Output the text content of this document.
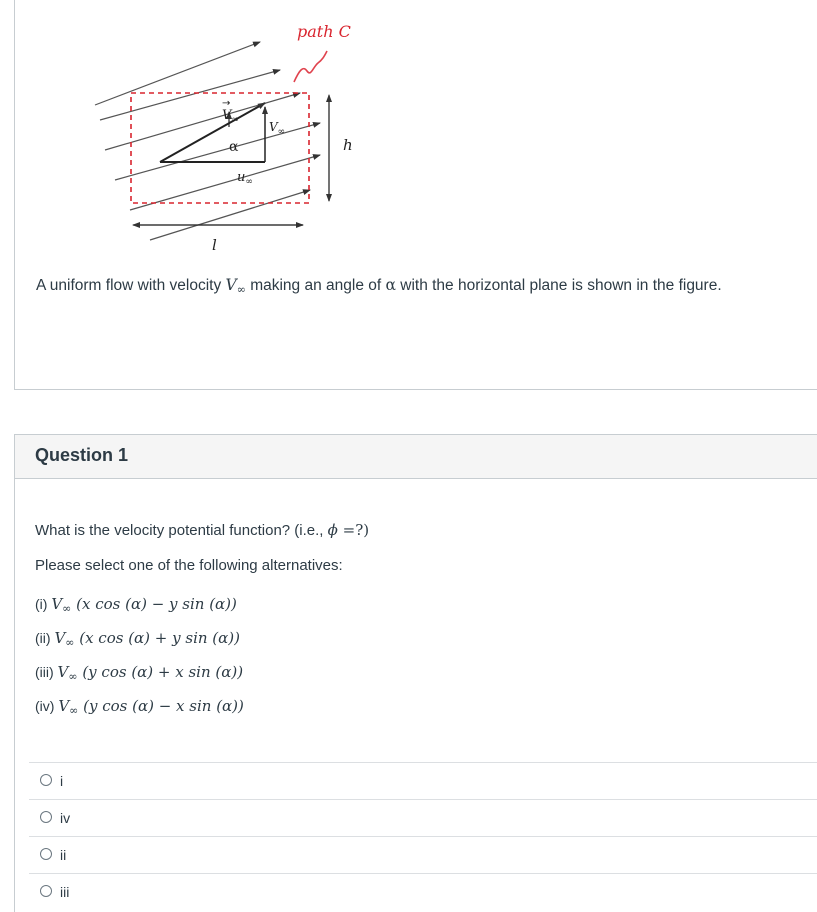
path C
h
l
α
$V_\infty$
→
$V_\infty$
$u_\infty$
A uniform flow with velocity $V_\infty$ making an angle of α with the horizontal plane is shown in the figure.
Question 1
What is the velocity potential function? (i.e., ϕ =?)
Please select one of the following alternatives:
(i) $V_\infty$ (x cos (α) − y sin (α))
(ii) $V_\infty$ (x cos (α) + y sin (α))
(iii) $V_\infty$ (y cos (α) + x sin (α))
(iv) $V_\infty$ (y cos (α) − x sin (α))
i
iv
ii
iii
